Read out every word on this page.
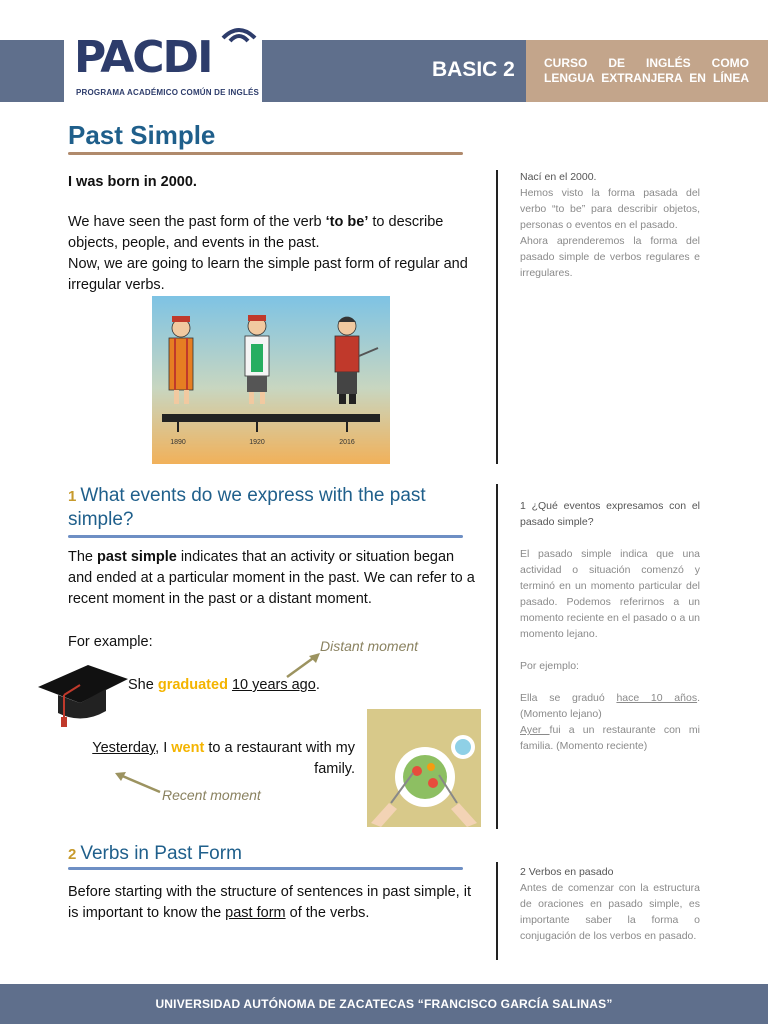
PACDI
PROGRAMA ACADÉMICO COMÚN DE INGLÉS
BASIC 2 CURSO DE INGLÉS COMO LENGUA EXTRANJERA EN LÍNEA
Past Simple
I was born in 2000.
We have seen the past form of the verb ‘to be’ to describe objects, people, and events in the past.
Now, we are going to learn the simple past form of regular and irregular verbs.
1890	1920	2016
1 What events do we express with the past simple?
The past simple indicates that an activity or situation began and ended at a particular moment in the past. We can refer to a recent moment in the past or a distant moment.
For example:
She graduated 10 years ago.
Distant moment
Yesterday, I went to a restaurant with my family.
Recent moment
2 Verbs in Past Form
Before starting with the structure of sentences in past simple, it is important to know the past form of the verbs.
Nací en el 2000.
Hemos visto la forma pasada del verbo “to be” para describir objetos, personas o eventos en el pasado.
Ahora aprenderemos la forma del pasado simple de verbos regulares e irregulares.
1 ¿Qué eventos expresamos con el pasado simple?
El pasado simple indica que una actividad o situación comenzó y terminó en un momento particular del pasado. Podemos referirnos a un momento reciente en el pasado o a un momento lejano.
Por ejemplo:
Ella se graduó hace 10 años. (Momento lejano)
Ayer fui a un restaurante con mi familia. (Momento reciente)
2 Verbos en pasado
Antes de comenzar con la estructura de oraciones en pasado simple, es importante saber la forma o conjugación de los verbos en pasado.
UNIVERSIDAD AUTÓNOMA DE ZACATECAS “FRANCISCO GARCÍA SALINAS”
